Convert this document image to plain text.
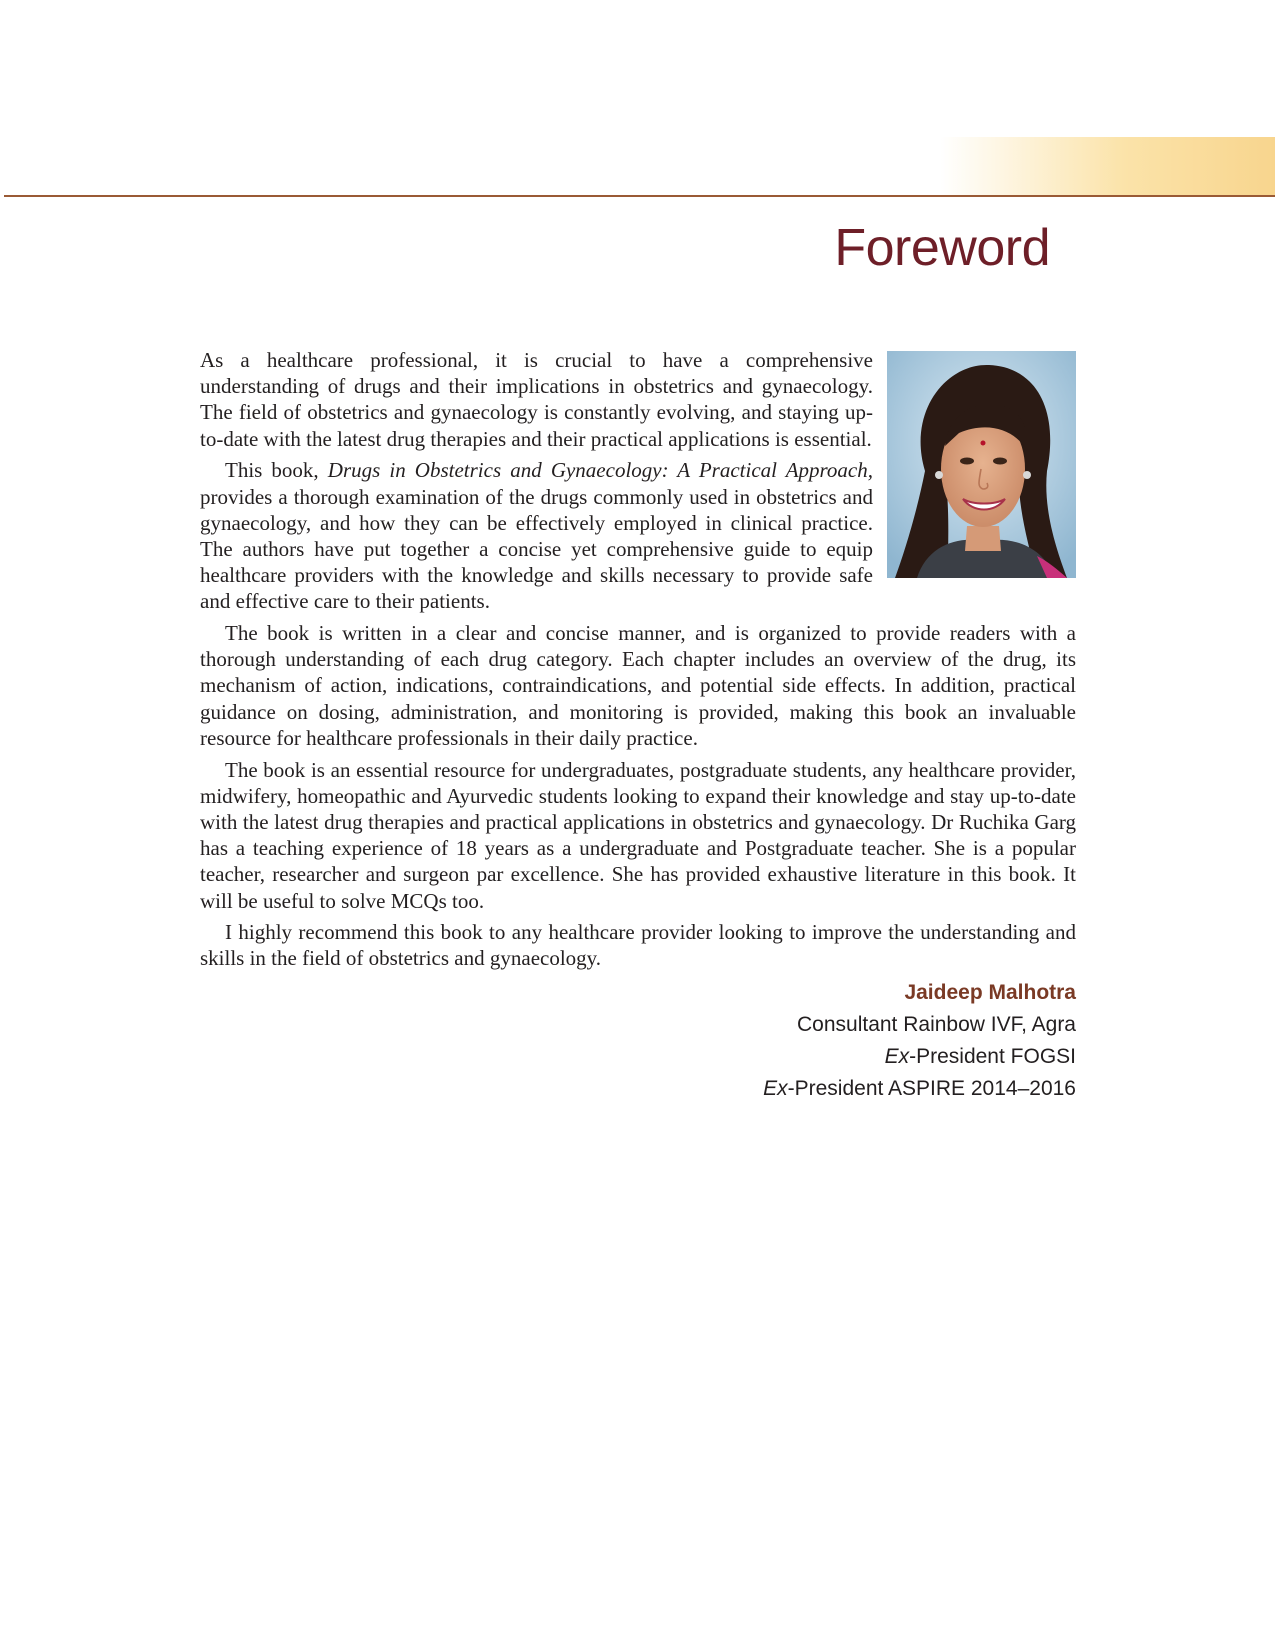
Foreword

As a healthcare professional, it is crucial to have a comprehensive understanding of drugs and their implications in obstetrics and gynaecology. The field of obstetrics and gynaecology is constantly evolving, and staying up-to-date with the latest drug therapies and their practical applications is essential.

This book, Drugs in Obstetrics and Gynaecology: A Practical Approach, provides a thorough examination of the drugs commonly used in obstetrics and gynaecology, and how they can be effectively employed in clinical practice. The authors have put together a concise yet comprehensive guide to equip healthcare providers with the knowledge and skills necessary to provide safe and effective care to their patients.

The book is written in a clear and concise manner, and is organized to provide readers with a thorough understanding of each drug category. Each chapter includes an overview of the drug, its mechanism of action, indications, contraindications, and potential side effects. In addition, practical guidance on dosing, administration, and monitoring is provided, making this book an invaluable resource for healthcare professionals in their daily practice.

The book is an essential resource for undergraduates, postgraduate students, any healthcare provider, midwifery, homeopathic and Ayurvedic students looking to expand their knowledge and stay up-to-date with the latest drug therapies and practical applications in obstetrics and gynaecology. Dr Ruchika Garg has a teaching experience of 18 years as a undergraduate and Postgraduate teacher. She is a popular teacher, researcher and surgeon par excellence. She has provided exhaustive literature in this book. It will be useful to solve MCQs too.

I highly recommend this book to any healthcare provider looking to improve the understanding and skills in the field of obstetrics and gynaecology.

Jaideep Malhotra
Consultant Rainbow IVF, Agra
Ex-President FOGSI
Ex-President ASPIRE 2014–2016
